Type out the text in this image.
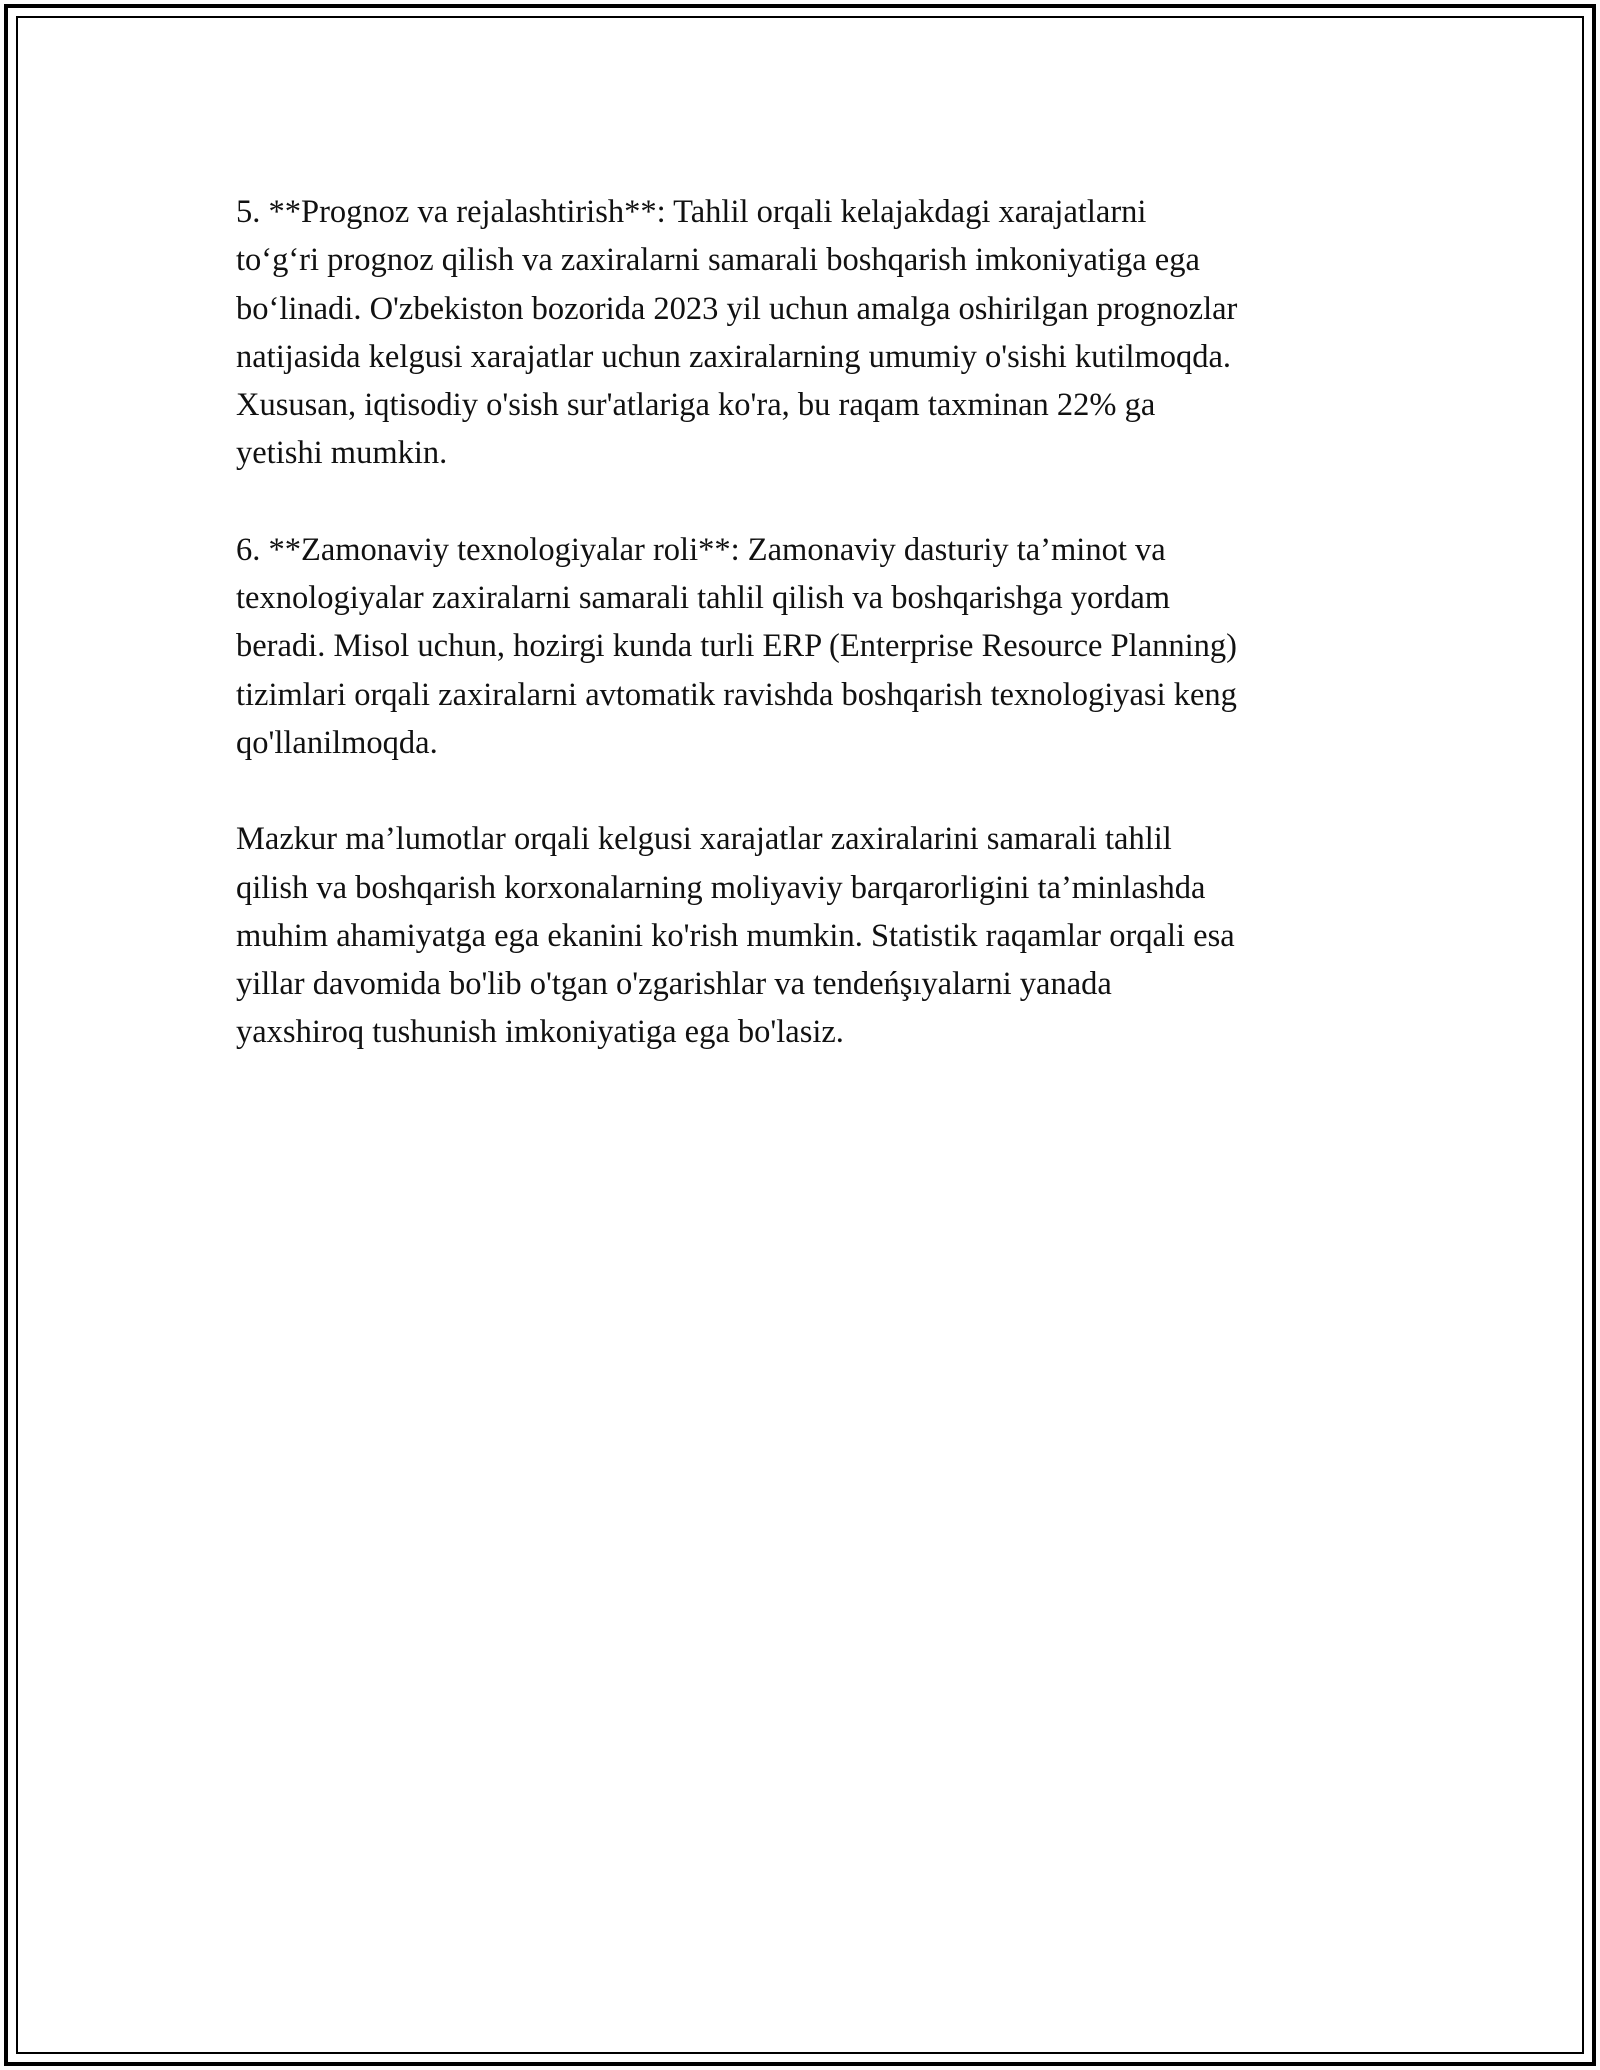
5. **Prognoz va rejalashtirish**: Tahlil orqali kelajakdagi xarajatlarni
to‘g‘ri prognoz qilish va zaxiralarni samarali boshqarish imkoniyatiga ega
bo‘linadi. O'zbekiston bozorida 2023 yil uchun amalga oshirilgan prognozlar
natijasida kelgusi xarajatlar uchun zaxiralarning umumiy o'sishi kutilmoqda.
Xususan, iqtisodiy o'sish sur'atlariga ko'ra, bu raqam taxminan 22% ga
yetishi mumkin.

6. **Zamonaviy texnologiyalar roli**: Zamonaviy dasturiy ta’minot va
texnologiyalar zaxiralarni samarali tahlil qilish va boshqarishga yordam
beradi. Misol uchun, hozirgi kunda turli ERP (Enterprise Resource Planning)
tizimlari orqali zaxiralarni avtomatik ravishda boshqarish texnologiyasi keng
qo'llanilmoqda.

Mazkur ma’lumotlar orqali kelgusi xarajatlar zaxiralarini samarali tahlil
qilish va boshqarish korxonalarning moliyaviy barqarorligini ta’minlashda
muhim ahamiyatga ega ekanini ko'rish mumkin. Statistik raqamlar orqali esa
yillar davomida bo'lib o'tgan o'zgarishlar va tendeńşıyalarni yanada
yaxshiroq tushunish imkoniyatiga ega bo'lasiz.
